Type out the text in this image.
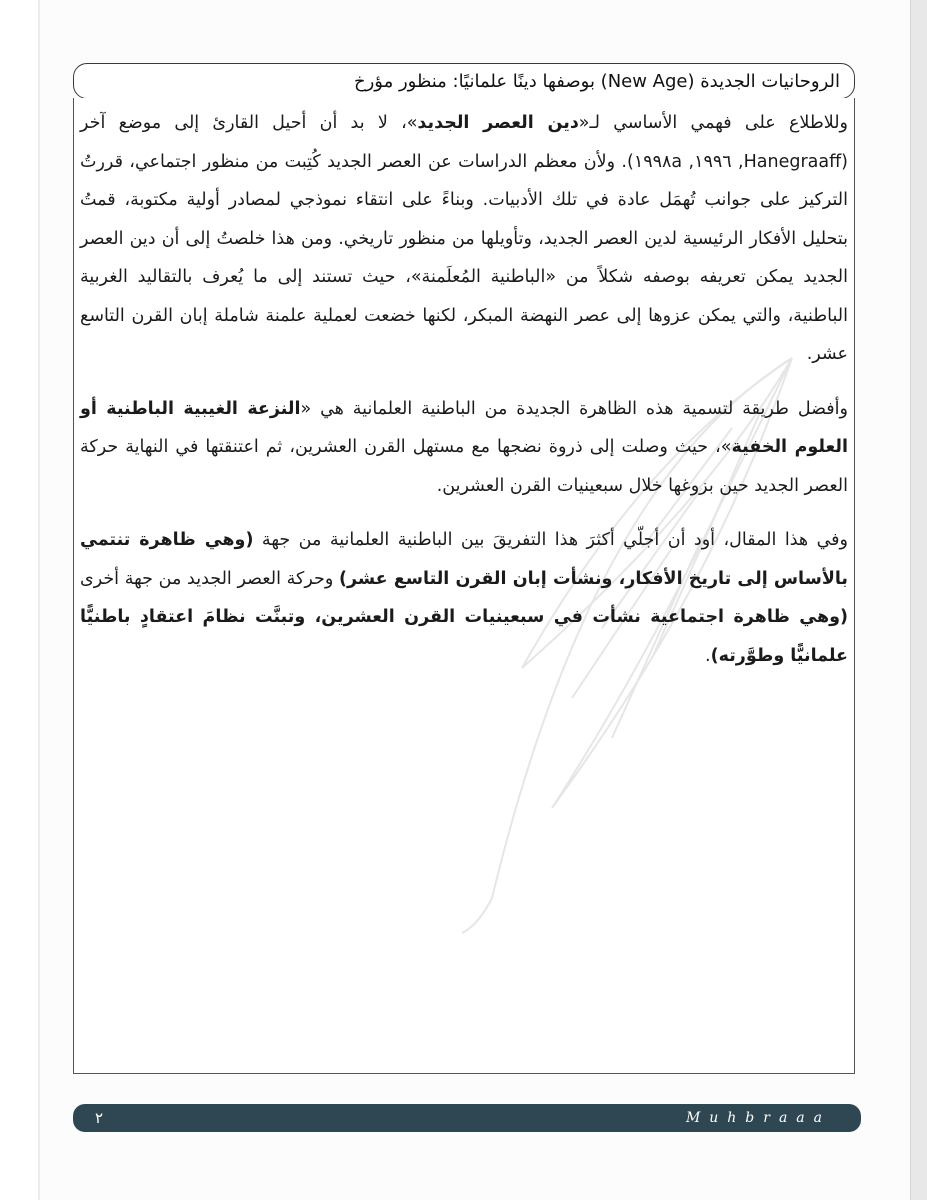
الروحانيات الجديدة (New Age) بوصفها دينًا علمانيًا: منظور مؤرخ

وللاطلاع على فهمي الأساسي لـ«دين العصر الجديد»، لا بد أن أحيل القارئ إلى موضع آخر (Hanegraaff, ١٩٩٦, ١٩٩٨a). ولأن معظم الدراسات عن العصر الجديد كُتِبت من منظور اجتماعي، قررتُ التركيز على جوانب تُهمَل عادة في تلك الأدبيات. وبناءً على انتقاء نموذجي لمصادر أولية مكتوبة، قمتُ بتحليل الأفكار الرئيسية لدين العصر الجديد، وتأويلها من منظور تاريخي. ومن هذا خلصتُ إلى أن دين العصر الجديد يمكن تعريفه بوصفه شكلاً من «الباطنية المُعلَمنة»، حيث تستند إلى ما يُعرف بالتقاليد الغربية الباطنية، والتي يمكن عزوها إلى عصر النهضة المبكر، لكنها خضعت لعملية علمنة شاملة إبان القرن التاسع عشر.

وأفضل طريقة لتسمية هذه الظاهرة الجديدة من الباطنية العلمانية هي «النزعة الغيبية الباطنية أو العلوم الخفية»، حيث وصلت إلى ذروة نضجها مع مستهل القرن العشرين، ثم اعتنقتها في النهاية حركة العصر الجديد حين بزوغها خلال سبعينيات القرن العشرين.

وفي هذا المقال، أود أن أجلّي أكثرَ هذا التفريقَ بين الباطنية العلمانية من جهة (وهي ظاهرة تنتمي بالأساس إلى تاريخ الأفكار، ونشأت إبان القرن التاسع عشر) وحركة العصر الجديد من جهة أخرى (وهي ظاهرة اجتماعية نشأت في سبعينيات القرن العشرين، وتبنَّت نظامَ اعتقادٍ باطنيًّا علمانيًّا وطوَّرته).

٢	Muhbraaa
